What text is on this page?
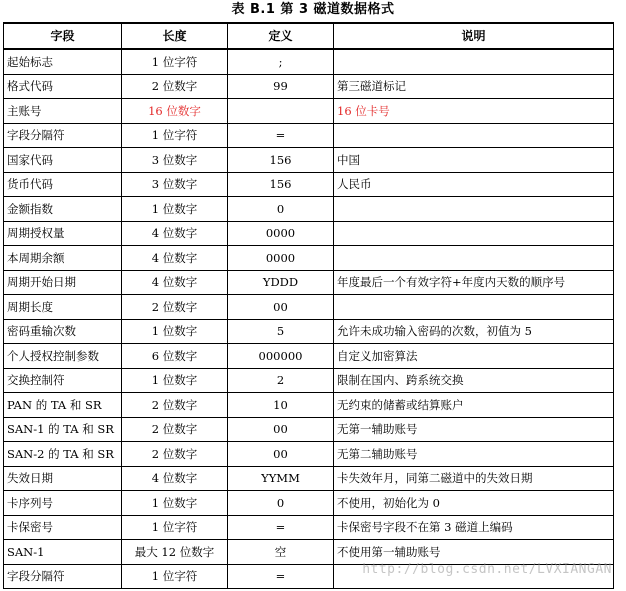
表 B.1 第 3 磁道数据格式
字段	长度	定义	说明
起始标志	1 位字符	;	
格式代码	2 位数字	99	第三磁道标记
主账号	16 位数字		16 位卡号
字段分隔符	1 位字符	=	
国家代码	3 位数字	156	中国
货币代码	3 位数字	156	人民币
金额指数	1 位数字	0	
周期授权量	4 位数字	0000	
本周期余额	4 位数字	0000	
周期开始日期	4 位数字	YDDD	年度最后一个有效字符+年度内天数的顺序号
周期长度	2 位数字	00	
密码重输次数	1 位数字	5	允许未成功输入密码的次数，初值为 5
个人授权控制参数	6 位数字	000000	自定义加密算法
交换控制符	1 位数字	2	限制在国内、跨系统交换
PAN 的 TA 和 SR	2 位数字	10	无约束的储蓄或结算账户
SAN-1 的 TA 和 SR	2 位数字	00	无第一辅助账号
SAN-2 的 TA 和 SR	2 位数字	00	无第二辅助账号
失效日期	4 位数字	YYMM	卡失效年月，同第二磁道中的失效日期
卡序列号	1 位数字	0	不使用，初始化为 0
卡保密号	1 位字符	=	卡保密号字段不在第 3 磁道上编码
SAN-1	最大 12 位数字	空	不使用第一辅助账号
字段分隔符	1 位字符	=		http://blog.csdn.net/LVXIANGAN
